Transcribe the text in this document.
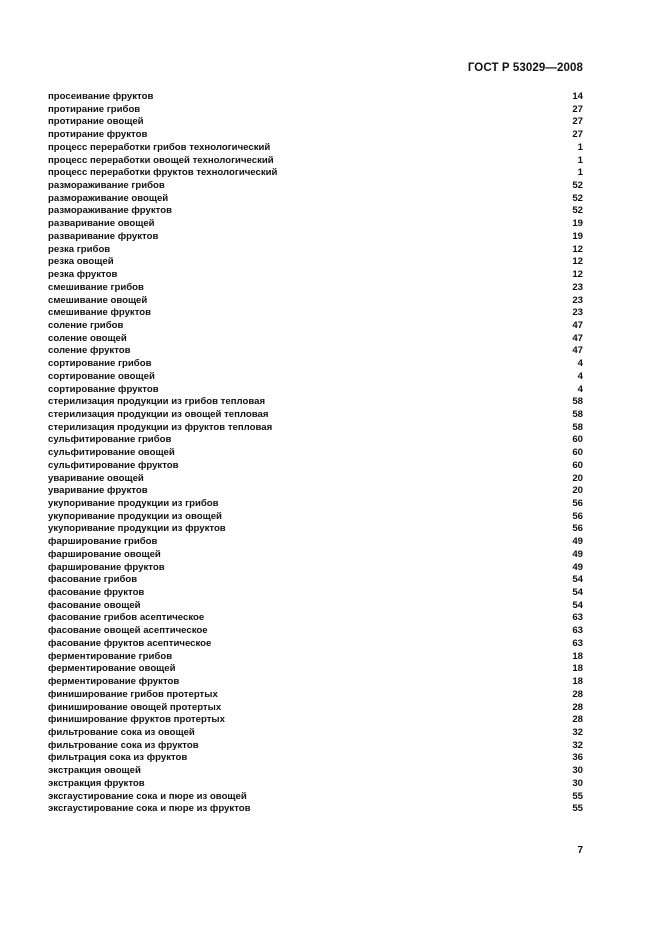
ГОСТ Р 53029—2008
просеивание фруктов	14
протирание грибов	27
протирание овощей	27
протирание фруктов	27
процесс переработки грибов технологический	1
процесс переработки овощей технологический	1
процесс переработки фруктов технологический	1
размораживание грибов	52
размораживание овощей	52
размораживание фруктов	52
разваривание овощей	19
разваривание фруктов	19
резка грибов	12
резка овощей	12
резка фруктов	12
смешивание грибов	23
смешивание овощей	23
смешивание фруктов	23
соление грибов	47
соление овощей	47
соление фруктов	47
сортирование грибов	4
сортирование овощей	4
сортирование фруктов	4
стерилизация продукции из грибов тепловая	58
стерилизация продукции из овощей тепловая	58
стерилизация продукции из фруктов тепловая	58
сульфитирование грибов	60
сульфитирование овощей	60
сульфитирование фруктов	60
уваривание овощей	20
уваривание фруктов	20
укупоривание продукции из грибов	56
укупоривание продукции из овощей	56
укупоривание продукции из фруктов	56
фарширование грибов	49
фарширование овощей	49
фарширование фруктов	49
фасование грибов	54
фасование фруктов	54
фасование овощей	54
фасование грибов асептическое	63
фасование овощей асептическое	63
фасование фруктов асептическое	63
ферментирование грибов	18
ферментирование овощей	18
ферментирование фруктов	18
финиширование грибов протертых	28
финиширование овощей протертых	28
финиширование фруктов протертых	28
фильтрование сока из овощей	32
фильтрование сока из фруктов	32
фильтрация сока из фруктов	36
экстракция овощей	30
экстракция фруктов	30
эксгаустирование сока и пюре из овощей	55
эксгаустирование сока и пюре из фруктов	55
7
